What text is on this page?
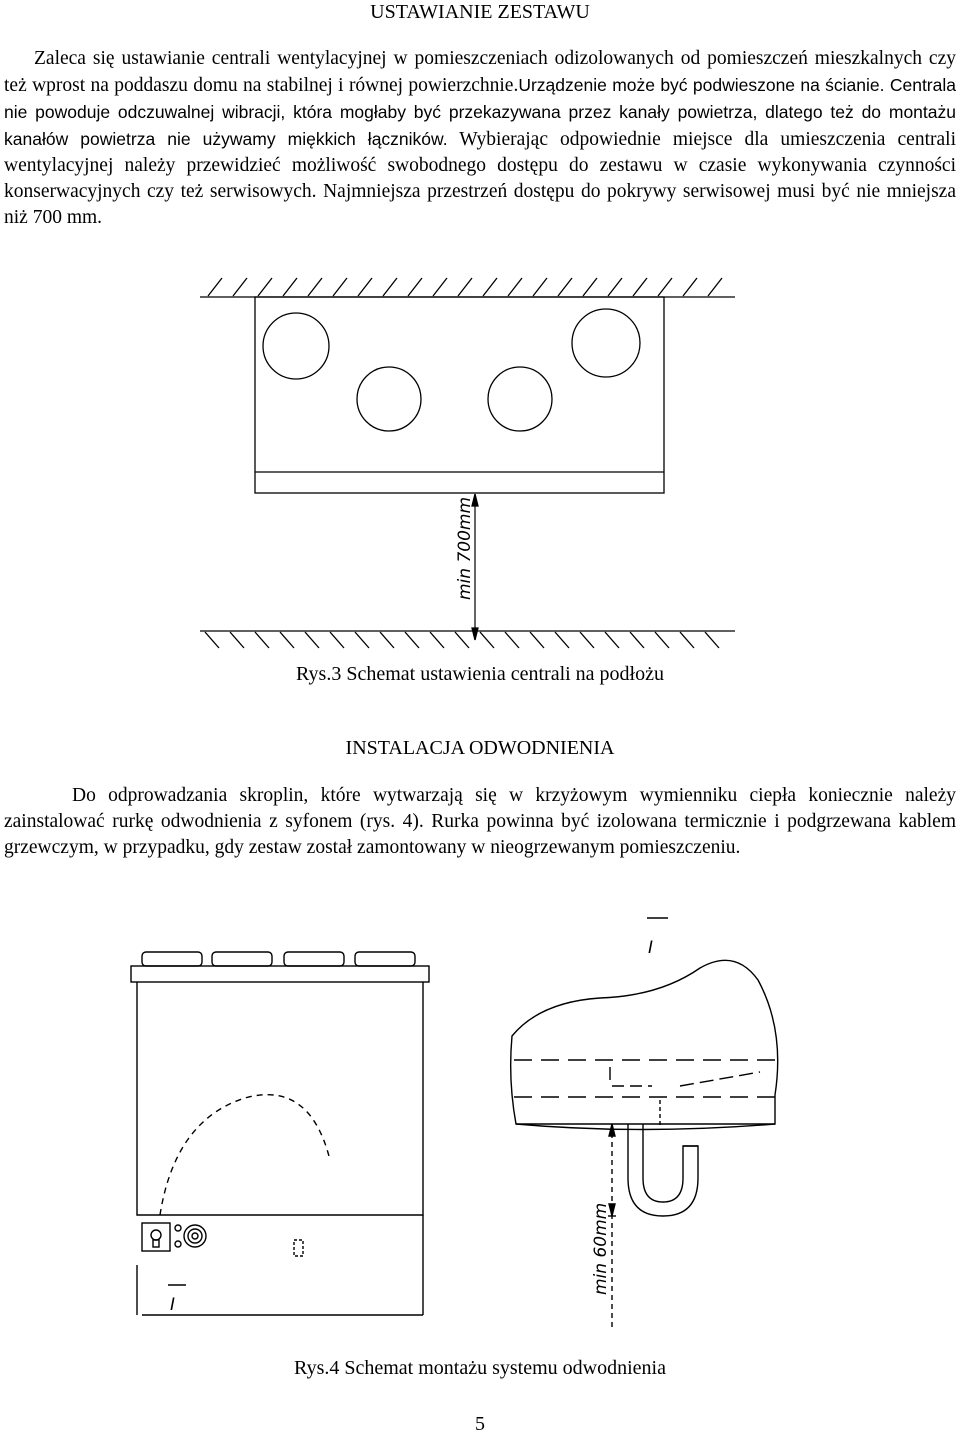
USTAWIANIE ZESTAWU
Zaleca się ustawianie centrali wentylacyjnej w pomieszczeniach odizolowanych od pomieszczeń mieszkalnych czy też wprost na poddaszu domu na stabilnej i równej powierzchnie.Urządzenie może być podwieszone na ścianie. Centrala nie powoduje odczuwalnej wibracji, która mogłaby być przekazywana przez kanały powietrza, dlatego też do montażu kanałów powietrza nie używamy miękkich łączników. Wybierając odpowiednie miejsce dla umieszczenia centrali wentylacyjnej należy przewidzieć możliwość swobodnego dostępu do zestawu w czasie wykonywania czynności konserwacyjnych czy też serwisowych. Najmniejsza przestrzeń dostępu do pokrywy serwisowej musi być nie mniejsza niż 700 mm.
min 700mm
Rys.3 Schemat ustawienia centrali na podłożu
INSTALACJA ODWODNIENIA
Do odprowadzania skroplin, które wytwarzają się w krzyżowym wymienniku ciepła koniecznie należy zainstalować rurkę odwodnienia z syfonem (rys. 4). Rurka powinna być izolowana termicznie i podgrzewana kablem grzewczym, w przypadku, gdy zestaw został zamontowany w nieogrzewanym pomieszczeniu.
I
I
min 60mm
Rys.4 Schemat montażu systemu odwodnienia
5
